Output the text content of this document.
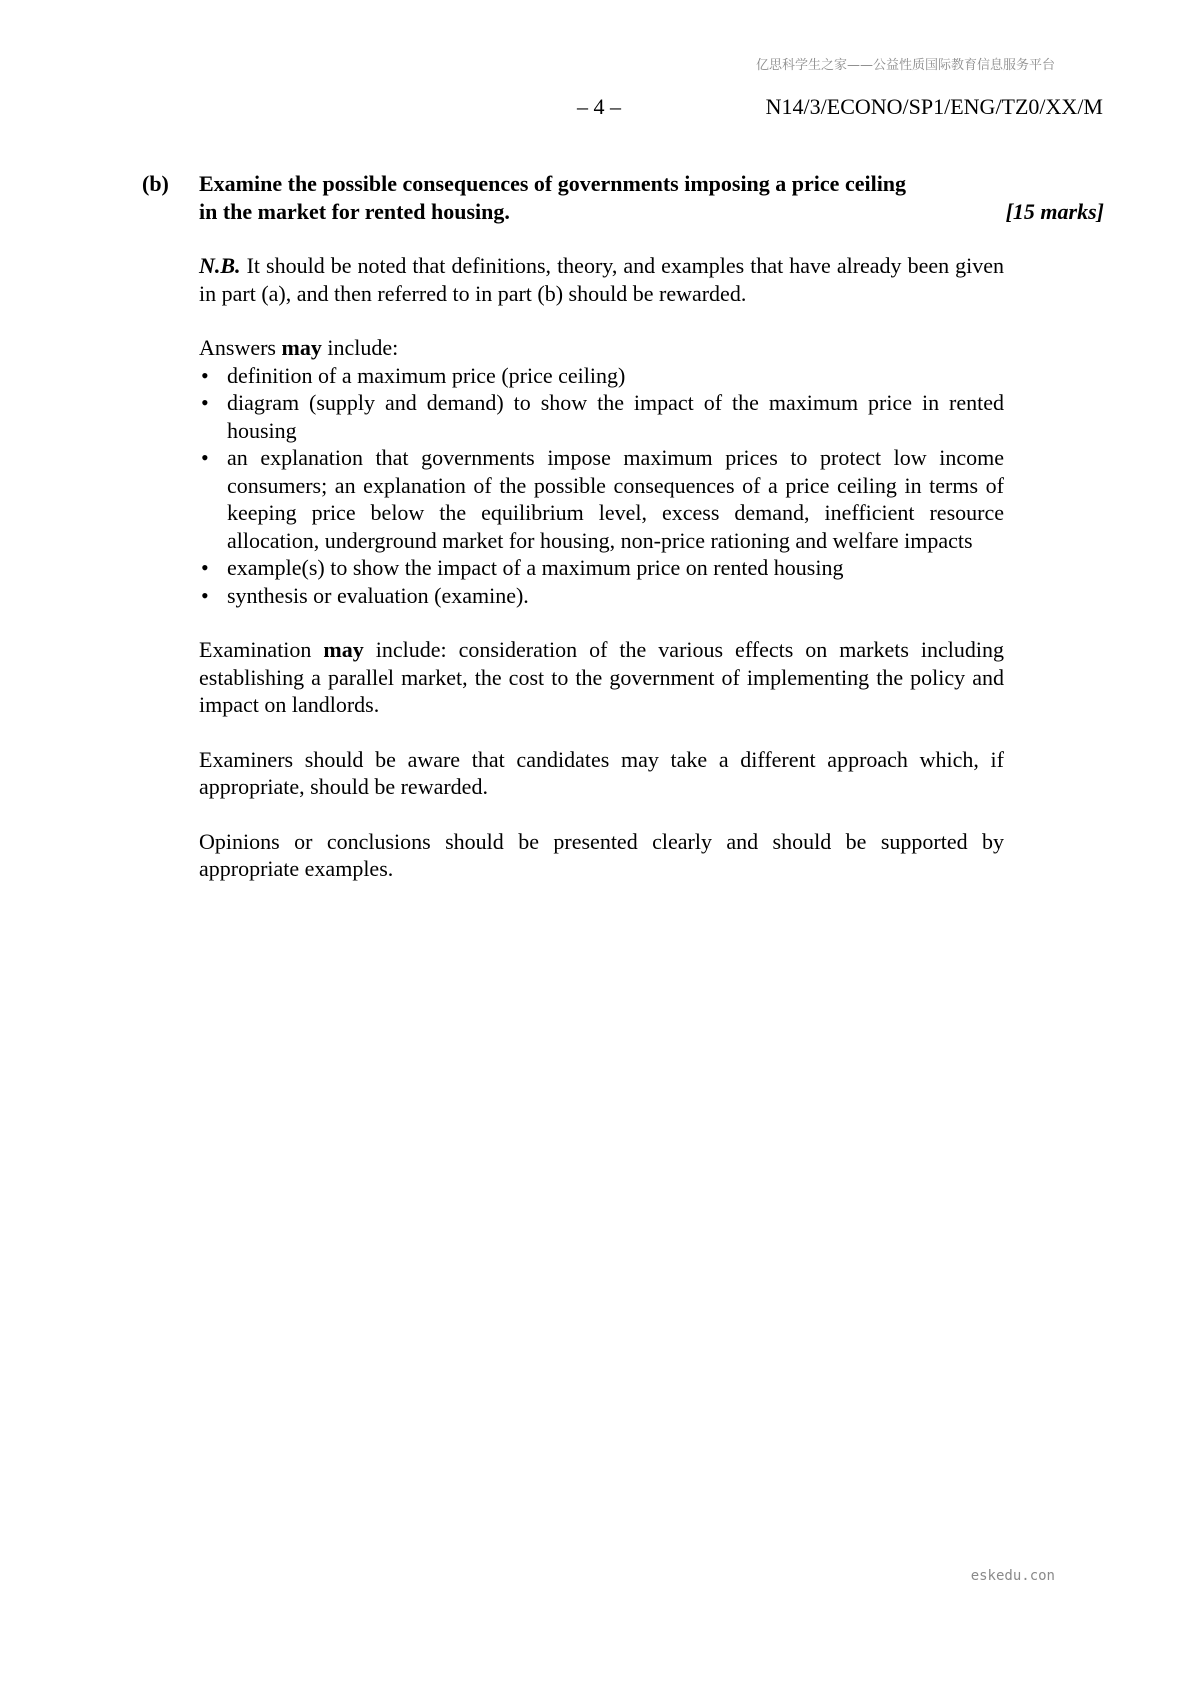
亿思科学生之家——公益性质国际教育信息服务平台
– 4 –	N14/3/ECONO/SP1/ENG/TZ0/XX/M
(b)	Examine the possible consequences of governments imposing a price ceiling
in the market for rented housing.	[15 marks]
N.B. It should be noted that definitions, theory, and examples that have already been given in part (a), and then referred to in part (b) should be rewarded.
Answers may include:
• definition of a maximum price (price ceiling)
• diagram (supply and demand) to show the impact of the maximum price in rented housing
• an explanation that governments impose maximum prices to protect low income consumers; an explanation of the possible consequences of a price ceiling in terms of keeping price below the equilibrium level, excess demand, inefficient resource allocation, underground market for housing, non-price rationing and welfare impacts
• example(s) to show the impact of a maximum price on rented housing
• synthesis or evaluation (examine).
Examination may include: consideration of the various effects on markets including establishing a parallel market, the cost to the government of implementing the policy and impact on landlords.
Examiners should be aware that candidates may take a different approach which, if appropriate, should be rewarded.
Opinions or conclusions should be presented clearly and should be supported by appropriate examples.
eskedu.con
